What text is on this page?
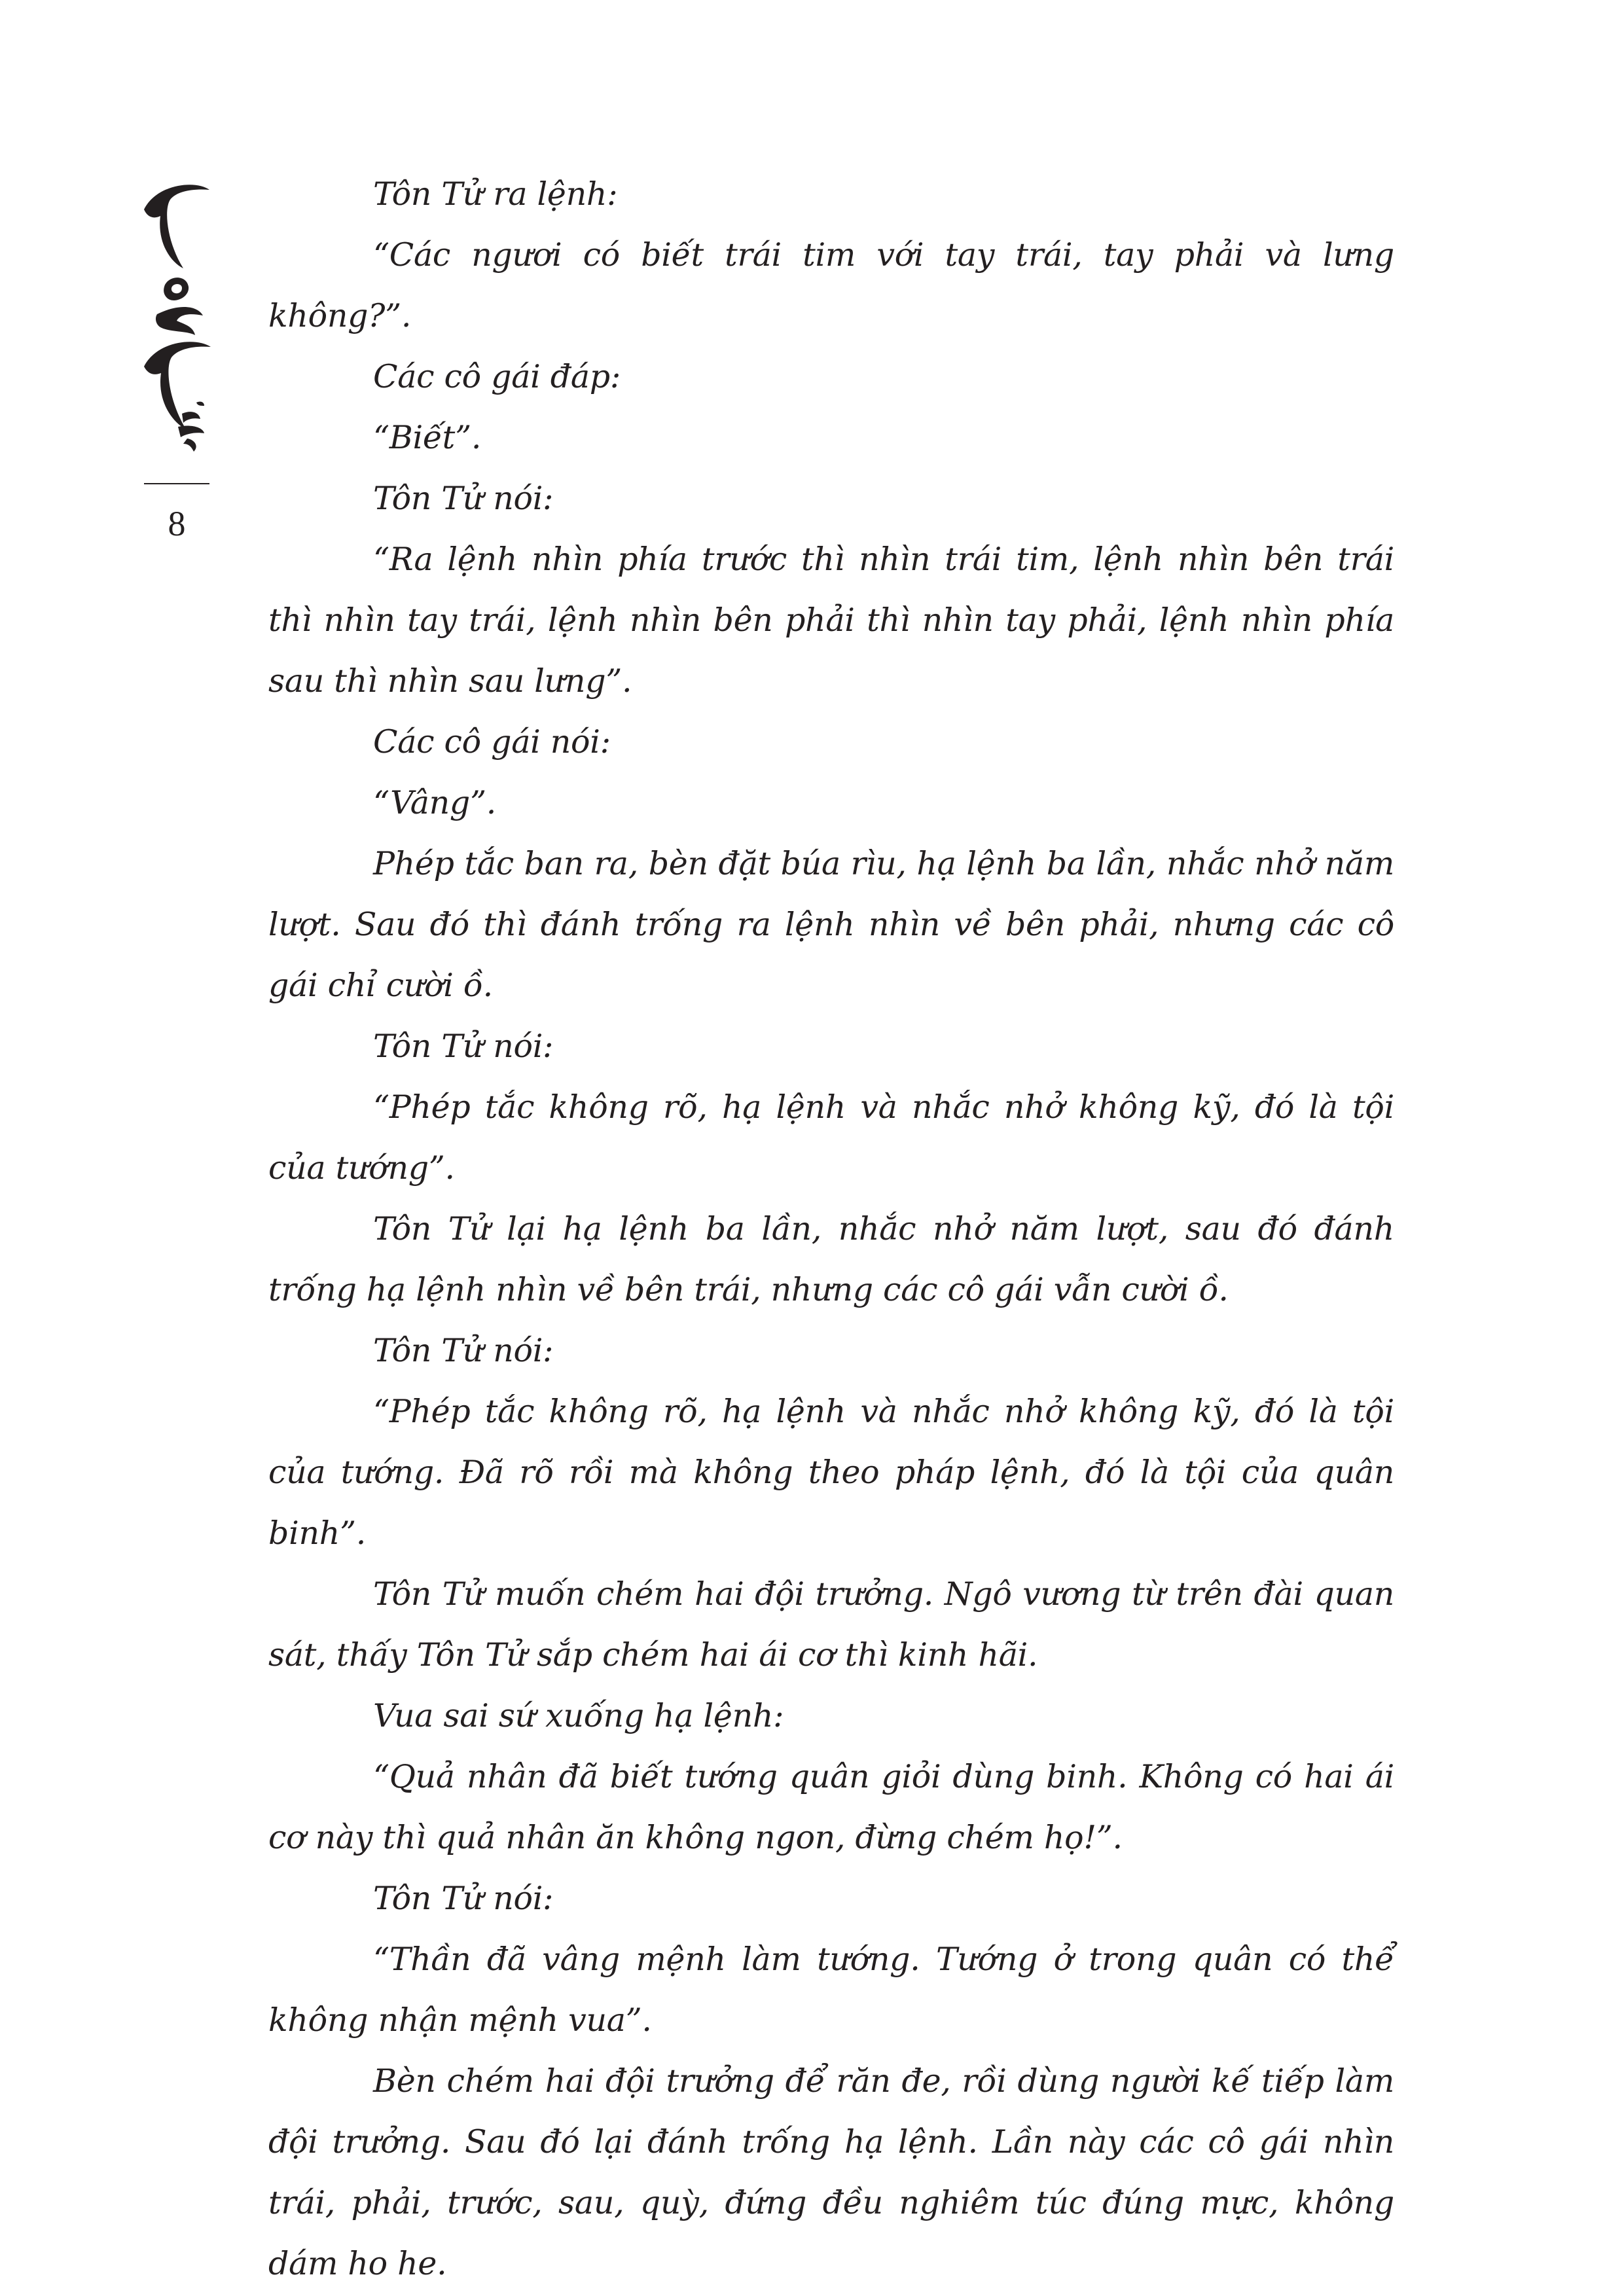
8

Tôn Tử ra lệnh:

“Các ngươi có biết trái tim với tay trái, tay phải và lưng không?”.

Các cô gái đáp:

“Biết”.

Tôn Tử nói:

“Ra lệnh nhìn phía trước thì nhìn trái tim, lệnh nhìn bên trái thì nhìn tay trái, lệnh nhìn bên phải thì nhìn tay phải, lệnh nhìn phía sau thì nhìn sau lưng”.

Các cô gái nói:

“Vâng”.

Phép tắc ban ra, bèn đặt búa rìu, hạ lệnh ba lần, nhắc nhở năm lượt. Sau đó thì đánh trống ra lệnh nhìn về bên phải, nhưng các cô gái chỉ cười ồ.

Tôn Tử nói:

“Phép tắc không rõ, hạ lệnh và nhắc nhở không kỹ, đó là tội của tướng”.

Tôn Tử lại hạ lệnh ba lần, nhắc nhở năm lượt, sau đó đánh trống hạ lệnh nhìn về bên trái, nhưng các cô gái vẫn cười ồ.

Tôn Tử nói:

“Phép tắc không rõ, hạ lệnh và nhắc nhở không kỹ, đó là tội của tướng. Đã rõ rồi mà không theo pháp lệnh, đó là tội của quân binh”.

Tôn Tử muốn chém hai đội trưởng. Ngô vương từ trên đài quan sát, thấy Tôn Tử sắp chém hai ái cơ thì kinh hãi.

Vua sai sứ xuống hạ lệnh:

“Quả nhân đã biết tướng quân giỏi dùng binh. Không có hai ái cơ này thì quả nhân ăn không ngon, đừng chém họ!”.

Tôn Tử nói:

“Thần đã vâng mệnh làm tướng. Tướng ở trong quân có thể không nhận mệnh vua”.

Bèn chém hai đội trưởng để răn đe, rồi dùng người kế tiếp làm đội trưởng. Sau đó lại đánh trống hạ lệnh. Lần này các cô gái nhìn trái, phải, trước, sau, quỳ, đứng đều nghiêm túc đúng mực, không dám ho he.
